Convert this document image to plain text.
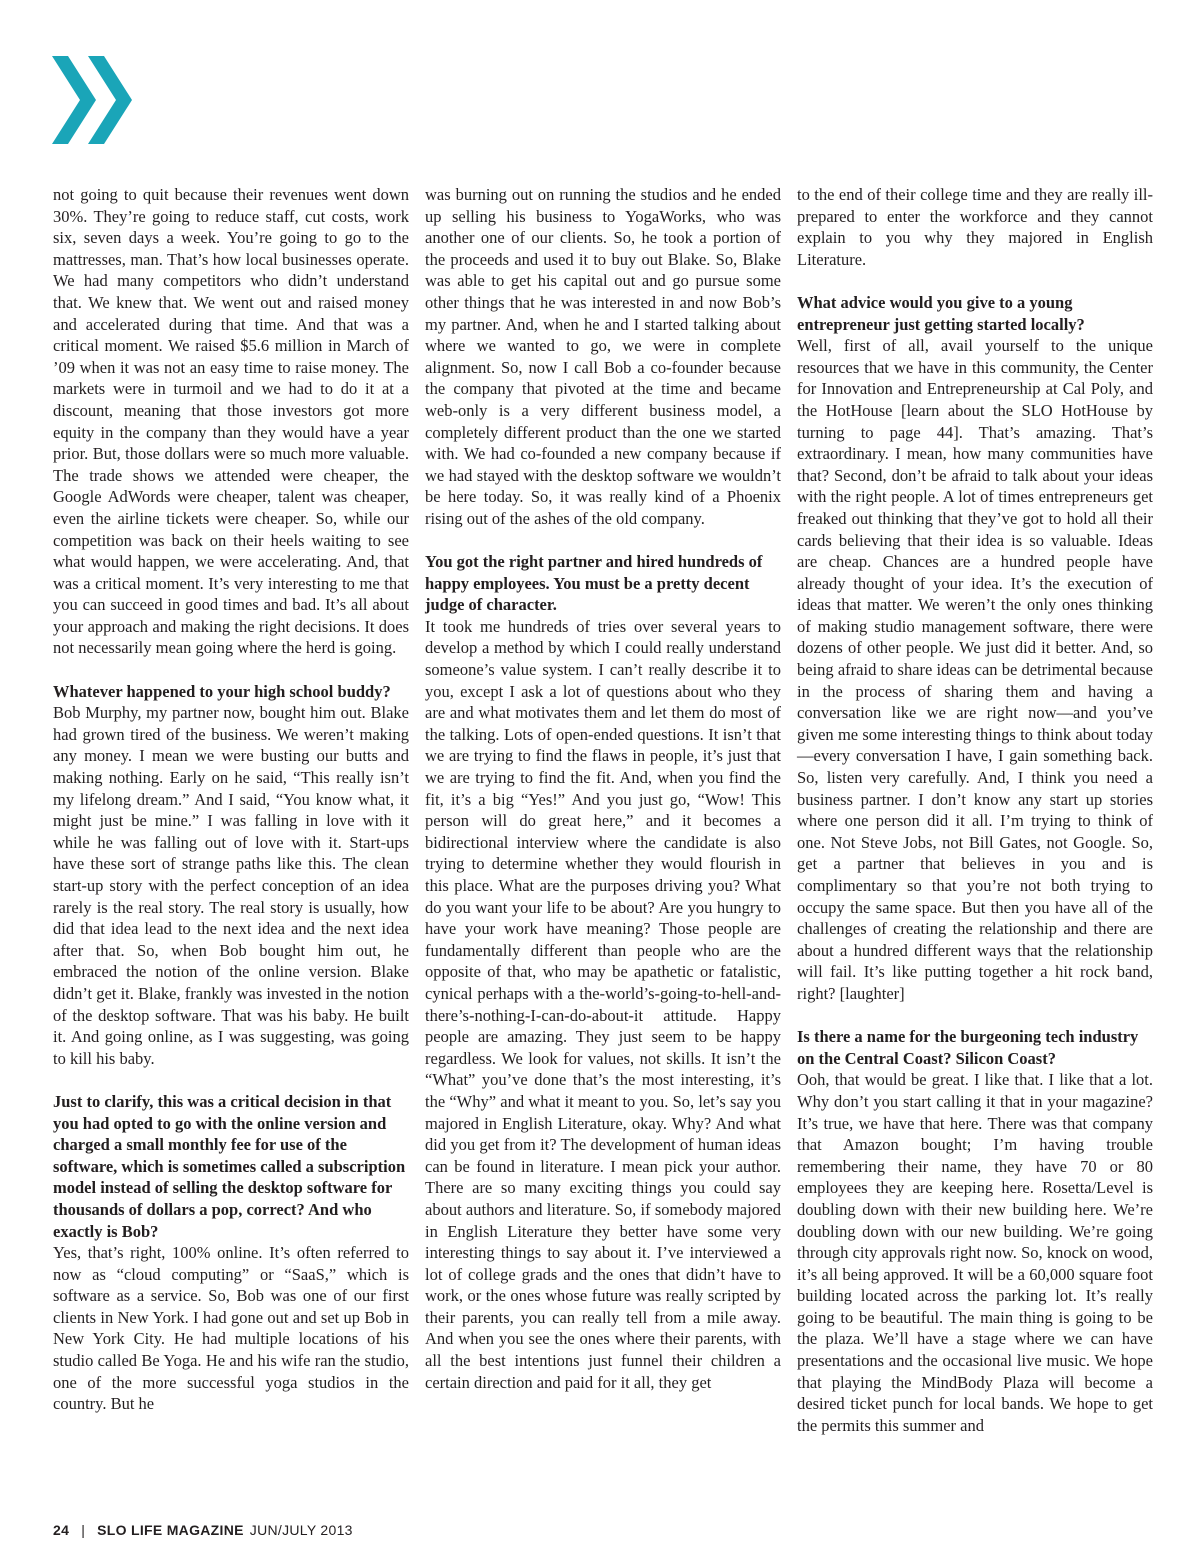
not going to quit because their revenues went down 30%. They’re going to reduce staff, cut costs, work six, seven days a week. You’re going to go to the mattresses, man. That’s how local businesses operate. We had many competitors who didn’t understand that. We knew that. We went out and raised money and accelerated during that time. And that was a critical moment. We raised $5.6 million in March of ’09 when it was not an easy time to raise money. The markets were in turmoil and we had to do it at a discount, meaning that those investors got more equity in the company than they would have a year prior. But, those dollars were so much more valuable. The trade shows we attended were cheaper, the Google AdWords were cheaper, talent was cheaper, even the airline tickets were cheaper. So, while our competition was back on their heels waiting to see what would happen, we were accelerating. And, that was a critical moment. It’s very interesting to me that you can succeed in good times and bad. It’s all about your approach and making the right decisions. It does not necessarily mean going where the herd is going.

Whatever happened to your high school buddy?

Bob Murphy, my partner now, bought him out. Blake had grown tired of the business. We weren’t making any money. I mean we were busting our butts and making nothing. Early on he said, “This really isn’t my lifelong dream.” And I said, “You know what, it might just be mine.” I was falling in love with it while he was falling out of love with it. Start-ups have these sort of strange paths like this. The clean start-up story with the perfect conception of an idea rarely is the real story. The real story is usually, how did that idea lead to the next idea and the next idea after that. So, when Bob bought him out, he embraced the notion of the online version. Blake didn’t get it. Blake, frankly was invested in the notion of the desktop software. That was his baby. He built it. And going online, as I was suggesting, was going to kill his baby.

Just to clarify, this was a critical decision in that you had opted to go with the online version and charged a small monthly fee for use of the software, which is sometimes called a subscription model instead of selling the desktop software for thousands of dollars a pop, correct? And who exactly is Bob?

Yes, that’s right, 100% online. It’s often referred to now as “cloud computing” or “SaaS,” which is software as a service. So, Bob was one of our first clients in New York. I had gone out and set up Bob in New York City. He had multiple locations of his studio called Be Yoga. He and his wife ran the studio, one of the more successful yoga studios in the country. But he

was burning out on running the studios and he ended up selling his business to YogaWorks, who was another one of our clients. So, he took a portion of the proceeds and used it to buy out Blake. So, Blake was able to get his capital out and go pursue some other things that he was interested in and now Bob’s my partner. And, when he and I started talking about where we wanted to go, we were in complete alignment. So, now I call Bob a co-founder because the company that pivoted at the time and became web-only is a very different business model, a completely different product than the one we started with. We had co-founded a new company because if we had stayed with the desktop software we wouldn’t be here today. So, it was really kind of a Phoenix rising out of the ashes of the old company.

You got the right partner and hired hundreds of happy employees. You must be a pretty decent judge of character.

It took me hundreds of tries over several years to develop a method by which I could really understand someone’s value system. I can’t really describe it to you, except I ask a lot of questions about who they are and what motivates them and let them do most of the talking. Lots of open-ended questions. It isn’t that we are trying to find the flaws in people, it’s just that we are trying to find the fit. And, when you find the fit, it’s a big “Yes!” And you just go, “Wow! This person will do great here,” and it becomes a bidirectional interview where the candidate is also trying to determine whether they would flourish in this place. What are the purposes driving you? What do you want your life to be about? Are you hungry to have your work have meaning? Those people are fundamentally different than people who are the opposite of that, who may be apathetic or fatalistic, cynical perhaps with a the-world’s-going-to-hell-and-there’s-nothing-I-can-do-about-it attitude. Happy people are amazing. They just seem to be happy regardless. We look for values, not skills. It isn’t the “What” you’ve done that’s the most interesting, it’s the “Why” and what it meant to you. So, let’s say you majored in English Literature, okay. Why? And what did you get from it? The development of human ideas can be found in literature. I mean pick your author. There are so many exciting things you could say about authors and literature. So, if somebody majored in English Literature they better have some very interesting things to say about it. I’ve interviewed a lot of college grads and the ones that didn’t have to work, or the ones whose future was really scripted by their parents, you can really tell from a mile away. And when you see the ones where their parents, with all the best intentions just funnel their children a certain direction and paid for it all, they get

to the end of their college time and they are really ill-prepared to enter the workforce and they cannot explain to you why they majored in English Literature.

What advice would you give to a young entrepreneur just getting started locally?

Well, first of all, avail yourself to the unique resources that we have in this community, the Center for Innovation and Entrepreneurship at Cal Poly, and the HotHouse [learn about the SLO HotHouse by turning to page 44]. That’s amazing. That’s extraordinary. I mean, how many communities have that? Second, don’t be afraid to talk about your ideas with the right people. A lot of times entrepreneurs get freaked out thinking that they’ve got to hold all their cards believing that their idea is so valuable. Ideas are cheap. Chances are a hundred people have already thought of your idea. It’s the execution of ideas that matter. We weren’t the only ones thinking of making studio management software, there were dozens of other people. We just did it better. And, so being afraid to share ideas can be detrimental because in the process of sharing them and having a conversation like we are right now—and you’ve given me some interesting things to think about today—every conversation I have, I gain something back. So, listen very carefully. And, I think you need a business partner. I don’t know any start up stories where one person did it all. I’m trying to think of one. Not Steve Jobs, not Bill Gates, not Google. So, get a partner that believes in you and is complimentary so that you’re not both trying to occupy the same space. But then you have all of the challenges of creating the relationship and there are about a hundred different ways that the relationship will fail. It’s like putting together a hit rock band, right? [laughter]

Is there a name for the burgeoning tech industry on the Central Coast? Silicon Coast?

Ooh, that would be great. I like that. I like that a lot. Why don’t you start calling it that in your magazine? It’s true, we have that here. There was that company that Amazon bought; I’m having trouble remembering their name, they have 70 or 80 employees they are keeping here. Rosetta/Level is doubling down with their new building here. We’re doubling down with our new building. We’re going through city approvals right now. So, knock on wood, it’s all being approved. It will be a 60,000 square foot building located across the parking lot. It’s really going to be beautiful. The main thing is going to be the plaza. We’ll have a stage where we can have presentations and the occasional live music. We hope that playing the MindBody Plaza will become a desired ticket punch for local bands. We hope to get the permits this summer and

24 | SLO LIFE MAGAZINE JUN/JULY 2013
